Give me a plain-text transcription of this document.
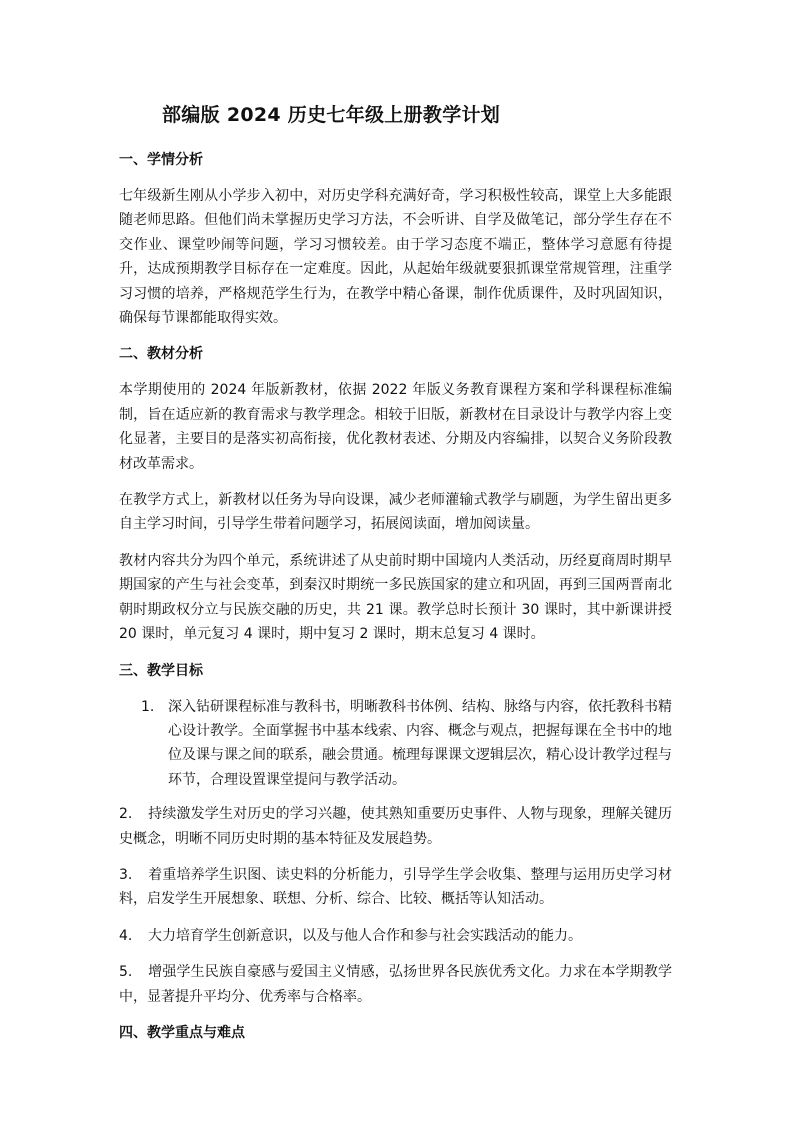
部编版 2024 历史七年级上册教学计划
一、学情分析
七年级新生刚从小学步入初中，对历史学科充满好奇，学习积极性较高，课堂上大多能跟随老师思路。但他们尚未掌握历史学习方法，不会听讲、自学及做笔记，部分学生存在不交作业、课堂吵闹等问题，学习习惯较差。由于学习态度不端正，整体学习意愿有待提升，达成预期教学目标存在一定难度。因此，从起始年级就要狠抓课堂常规管理，注重学习习惯的培养，严格规范学生行为，在教学中精心备课，制作优质课件，及时巩固知识，确保每节课都能取得实效。
二、教材分析
本学期使用的 2024 年版新教材，依据 2022 年版义务教育课程方案和学科课程标准编制，旨在适应新的教育需求与教学理念。相较于旧版，新教材在目录设计与教学内容上变化显著，主要目的是落实初高衔接，优化教材表述、分期及内容编排，以契合义务阶段教材改革需求。
在教学方式上，新教材以任务为导向设课，减少老师灌输式教学与刷题，为学生留出更多自主学习时间，引导学生带着问题学习，拓展阅读面，增加阅读量。
教材内容共分为四个单元，系统讲述了从史前时期中国境内人类活动，历经夏商周时期早期国家的产生与社会变革，到秦汉时期统一多民族国家的建立和巩固，再到三国两晋南北朝时期政权分立与民族交融的历史，共 21 课。教学总时长预计 30 课时，其中新课讲授 20 课时，单元复习 4 课时，期中复习 2 课时，期末总复习 4 课时。
三、教学目标
1. 深入钻研课程标准与教科书，明晰教科书体例、结构、脉络与内容，依托教科书精心设计教学。全面掌握书中基本线索、内容、概念与观点，把握每课在全书中的地位及课与课之间的联系，融会贯通。梳理每课课文逻辑层次，精心设计教学过程与环节，合理设置课堂提问与教学活动。
2. 持续激发学生对历史的学习兴趣，使其熟知重要历史事件、人物与现象，理解关键历史概念，明晰不同历史时期的基本特征及发展趋势。
3. 着重培养学生识图、读史料的分析能力，引导学生学会收集、整理与运用历史学习材料，启发学生开展想象、联想、分析、综合、比较、概括等认知活动。
4. 大力培育学生创新意识，以及与他人合作和参与社会实践活动的能力。
5. 增强学生民族自豪感与爱国主义情感，弘扬世界各民族优秀文化。力求在本学期教学中，显著提升平均分、优秀率与合格率。
四、教学重点与难点
